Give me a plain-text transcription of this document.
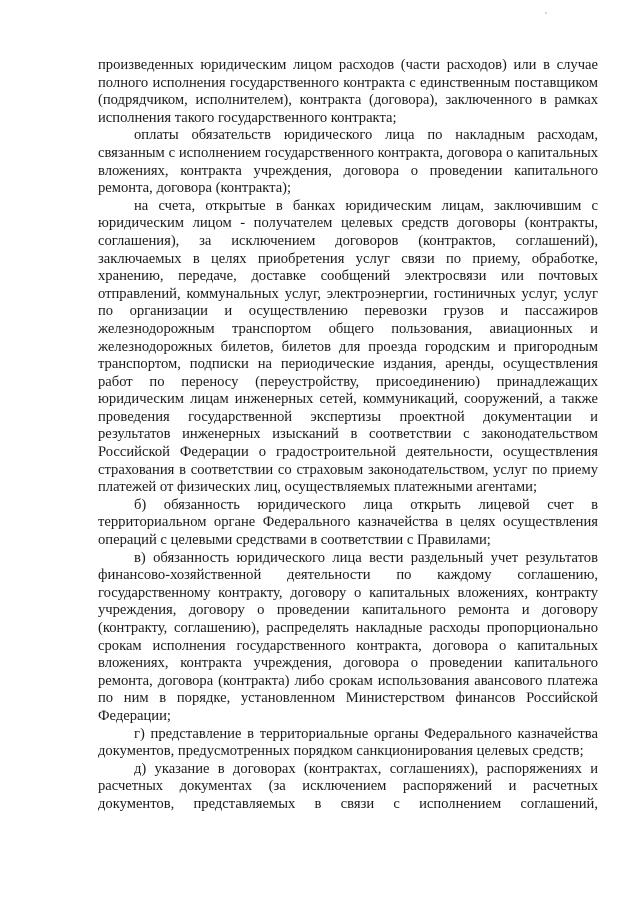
произведенных юридическим лицом расходов (части расходов) или в случае полного исполнения государственного контракта с единственным поставщиком (подрядчиком, исполнителем), контракта (договора), заключенного в рамках исполнения такого государственного контракта;

оплаты обязательств юридического лица по накладным расходам, связанным с исполнением государственного контракта, договора о капитальных вложениях, контракта учреждения, договора о проведении капитального ремонта, договора (контракта);

на счета, открытые в банках юридическим лицам, заключившим с юридическим лицом - получателем целевых средств договоры (контракты, соглашения), за исключением договоров (контрактов, соглашений), заключаемых в целях приобретения услуг связи по приему, обработке, хранению, передаче, доставке сообщений электросвязи или почтовых отправлений, коммунальных услуг, электроэнергии, гостиничных услуг, услуг по организации и осуществлению перевозки грузов и пассажиров железнодорожным транспортом общего пользования, авиационных и железнодорожных билетов, билетов для проезда городским и пригородным транспортом, подписки на периодические издания, аренды, осуществления работ по переносу (переустройству, присоединению) принадлежащих юридическим лицам инженерных сетей, коммуникаций, сооружений, а также проведения государственной экспертизы проектной документации и результатов инженерных изысканий в соответствии с законодательством Российской Федерации о градостроительной деятельности, осуществления страхования в соответствии со страховым законодательством, услуг по приему платежей от физических лиц, осуществляемых платежными агентами;

б) обязанность юридического лица открыть лицевой счет в территориальном органе Федерального казначейства в целях осуществления операций с целевыми средствами в соответствии с Правилами;

в) обязанность юридического лица вести раздельный учет результатов финансово-хозяйственной деятельности по каждому соглашению, государственному контракту, договору о капитальных вложениях, контракту учреждения, договору о проведении капитального ремонта и договору (контракту, соглашению), распределять накладные расходы пропорционально срокам исполнения государственного контракта, договора о капитальных вложениях, контракта учреждения, договора о проведении капитального ремонта, договора (контракта) либо срокам использования авансового платежа по ним в порядке, установленном Министерством финансов Российской Федерации;

г) представление в территориальные органы Федерального казначейства документов, предусмотренных порядком санкционирования целевых средств;

д) указание в договорах (контрактах, соглашениях), распоряжениях и расчетных документах (за исключением распоряжений и расчетных документов, представляемых в связи с исполнением соглашений,
